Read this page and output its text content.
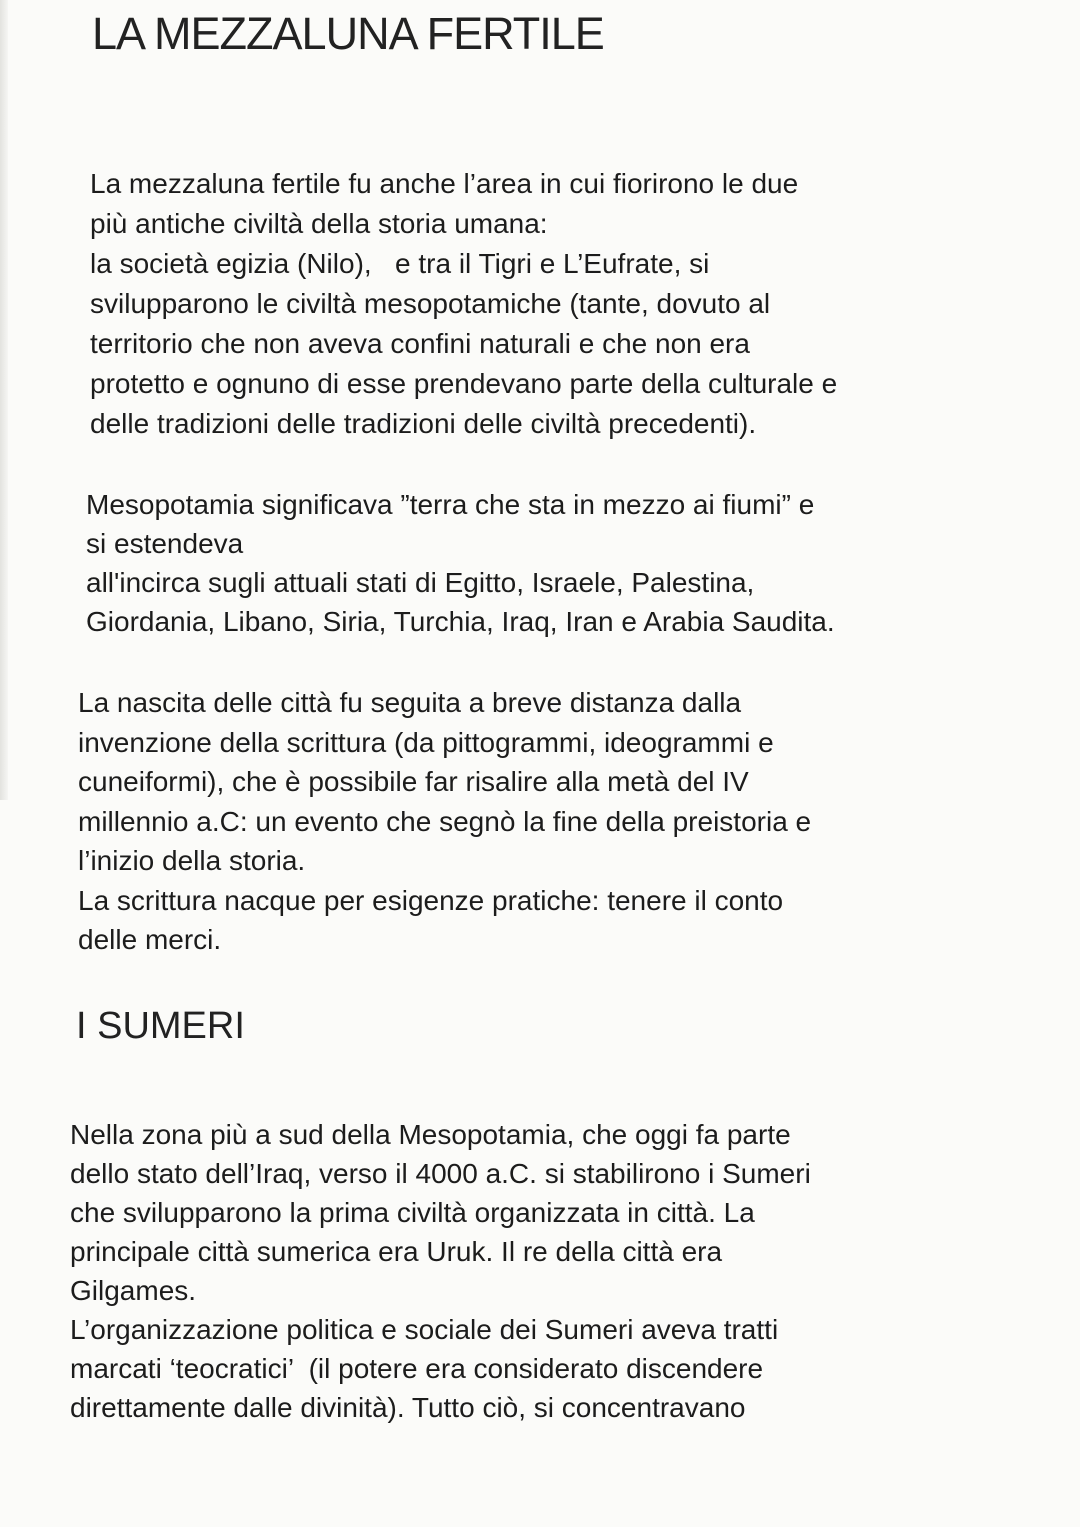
LA MEZZALUNA FERTILE
La mezzaluna fertile fu anche l’area in cui fiorirono le due
più antiche civiltà della storia umana:
la società egizia (Nilo),   e tra il Tigri e L’Eufrate, si
svilupparono le civiltà mesopotamiche (tante, dovuto al
territorio che non aveva confini naturali e che non era
protetto e ognuno di esse prendevano parte della culturale e
delle tradizioni delle tradizioni delle civiltà precedenti).
Mesopotamia significava ”terra che sta in mezzo ai fiumi” e
si estendeva
all'incirca sugli attuali stati di Egitto, Israele, Palestina,
Giordania, Libano, Siria, Turchia, Iraq, Iran e Arabia Saudita.
La nascita delle città fu seguita a breve distanza dalla
invenzione della scrittura (da pittogrammi, ideogrammi e
cuneiformi), che è possibile far risalire alla metà del IV
millennio a.C: un evento che segnò la fine della preistoria e
l’inizio della storia.
La scrittura nacque per esigenze pratiche: tenere il conto
delle merci.
I SUMERI
Nella zona più a sud della Mesopotamia, che oggi fa parte
dello stato dell’Iraq, verso il 4000 a.C. si stabilirono i Sumeri
che svilupparono la prima civiltà organizzata in città. La
principale città sumerica era Uruk. Il re della città era
Gilgames.
L’organizzazione politica e sociale dei Sumeri aveva tratti
marcati ‘teocratici’  (il potere era considerato discendere
direttamente dalle divinità). Tutto ciò, si concentravano
